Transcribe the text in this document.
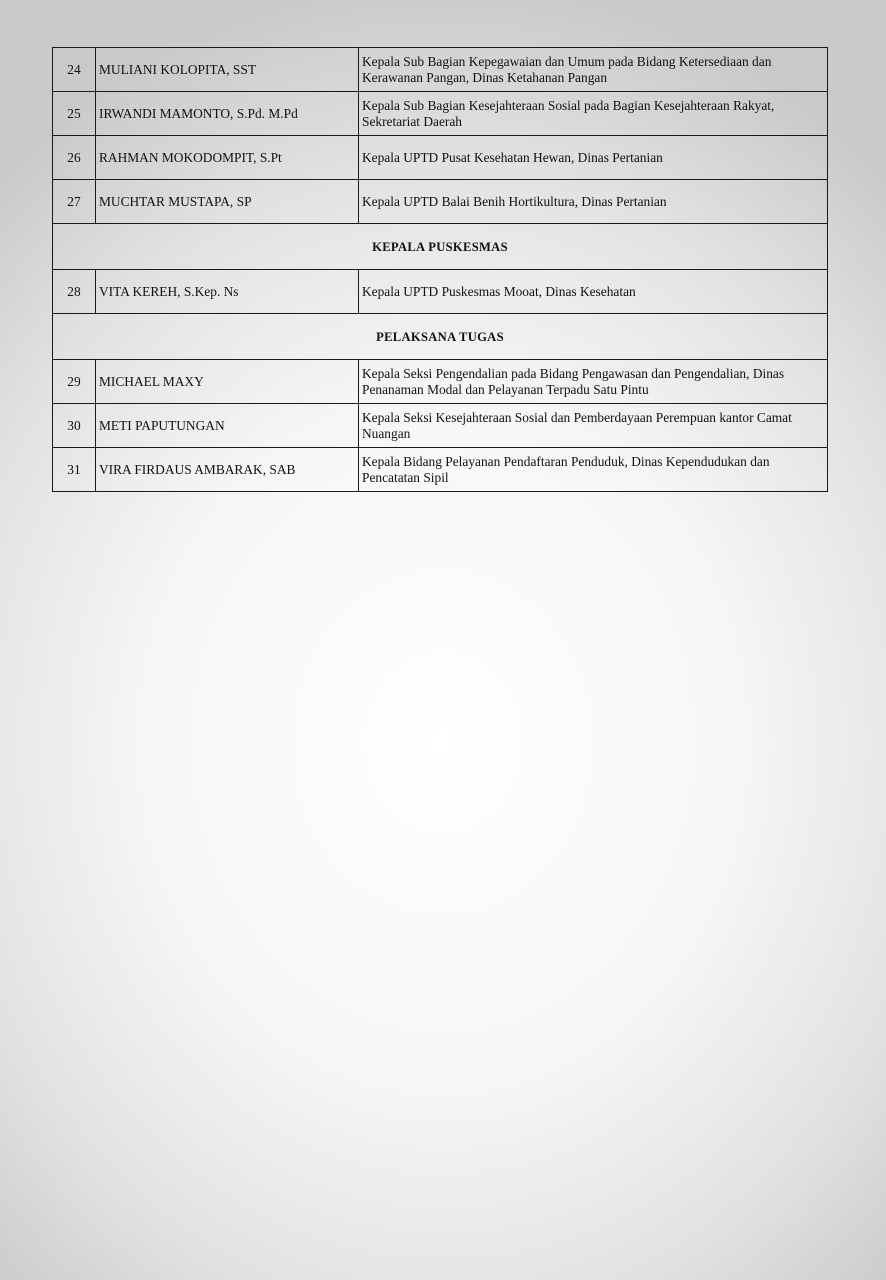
24	MULIANI KOLOPITA, SST	Kepala Sub Bagian Kepegawaian dan Umum pada Bidang Ketersediaan dan Kerawanan Pangan, Dinas Ketahanan Pangan
25	IRWANDI MAMONTO, S.Pd. M.Pd	Kepala Sub Bagian Kesejahteraan Sosial pada Bagian Kesejahteraan Rakyat, Sekretariat Daerah
26	RAHMAN MOKODOMPIT, S.Pt	Kepala UPTD Pusat Kesehatan Hewan, Dinas Pertanian
27	MUCHTAR MUSTAPA, SP	Kepala UPTD Balai Benih Hortikultura, Dinas Pertanian
KEPALA PUSKESMAS		
28	VITA KEREH, S.Kep. Ns	Kepala UPTD Puskesmas Mooat, Dinas Kesehatan
PELAKSANA TUGAS		
29	MICHAEL MAXY	Kepala Seksi Pengendalian pada Bidang Pengawasan dan Pengendalian, Dinas Penanaman Modal dan Pelayanan Terpadu Satu Pintu
30	METI PAPUTUNGAN	Kepala Seksi Kesejahteraan Sosial dan Pemberdayaan Perempuan kantor Camat Nuangan
31	VIRA FIRDAUS AMBARAK, SAB	Kepala Bidang Pelayanan Pendaftaran Penduduk, Dinas Kependudukan dan Pencatatan Sipil
